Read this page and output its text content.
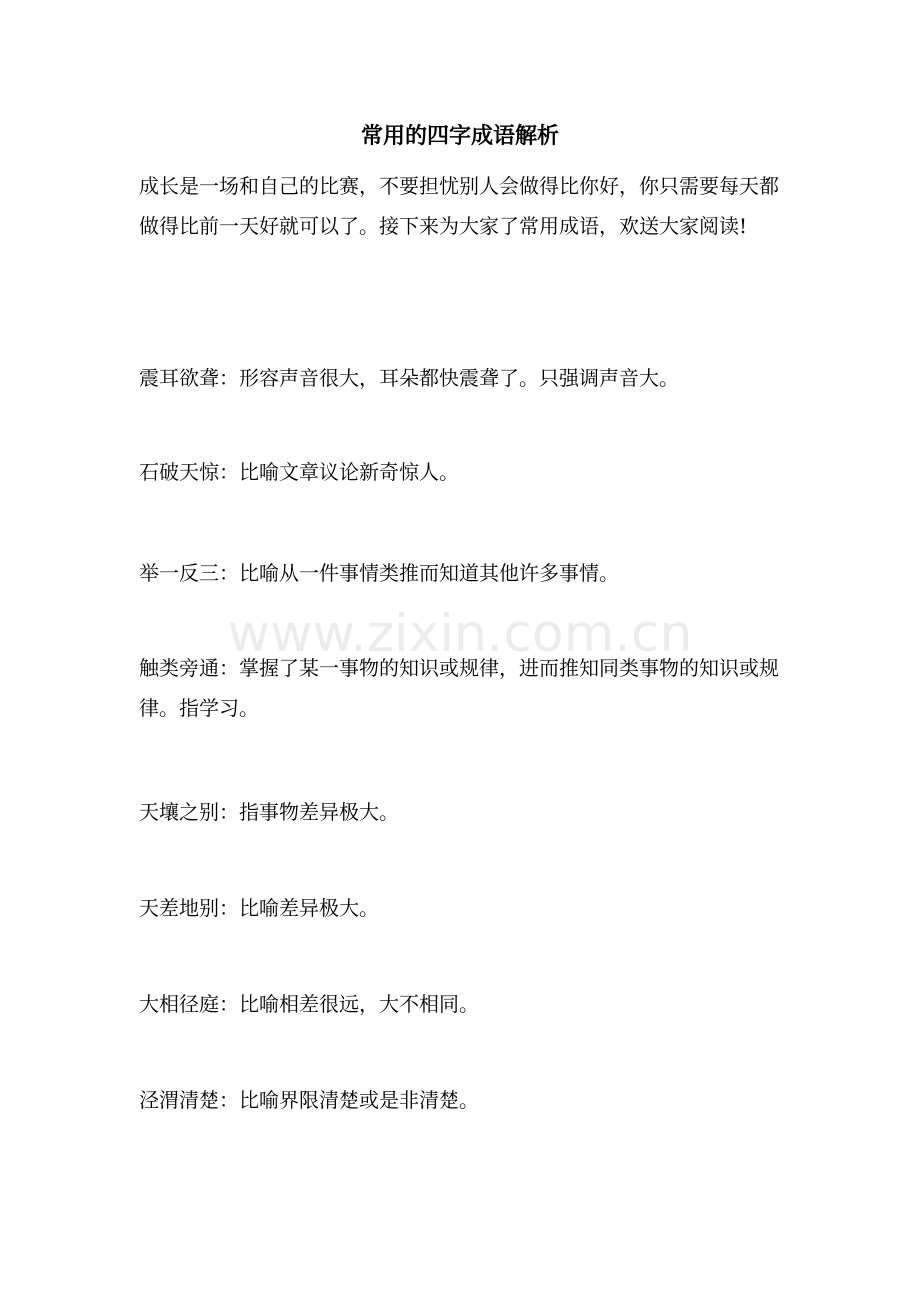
常用的四字成语解析

成长是一场和自己的比赛，不要担忧别人会做得比你好，你只需要每天都做得比前一天好就可以了。接下来为大家了常用成语，欢送大家阅读!

震耳欲聋：形容声音很大，耳朵都快震聋了。只强调声音大。

石破天惊：比喻文章议论新奇惊人。

举一反三：比喻从一件事情类推而知道其他许多事情。

触类旁通：掌握了某一事物的知识或规律，进而推知同类事物的知识或规律。指学习。

天壤之别：指事物差异极大。

天差地别：比喻差异极大。

大相径庭：比喻相差很远，大不相同。

泾渭清楚：比喻界限清楚或是非清楚。

www.zixin.com.cn
